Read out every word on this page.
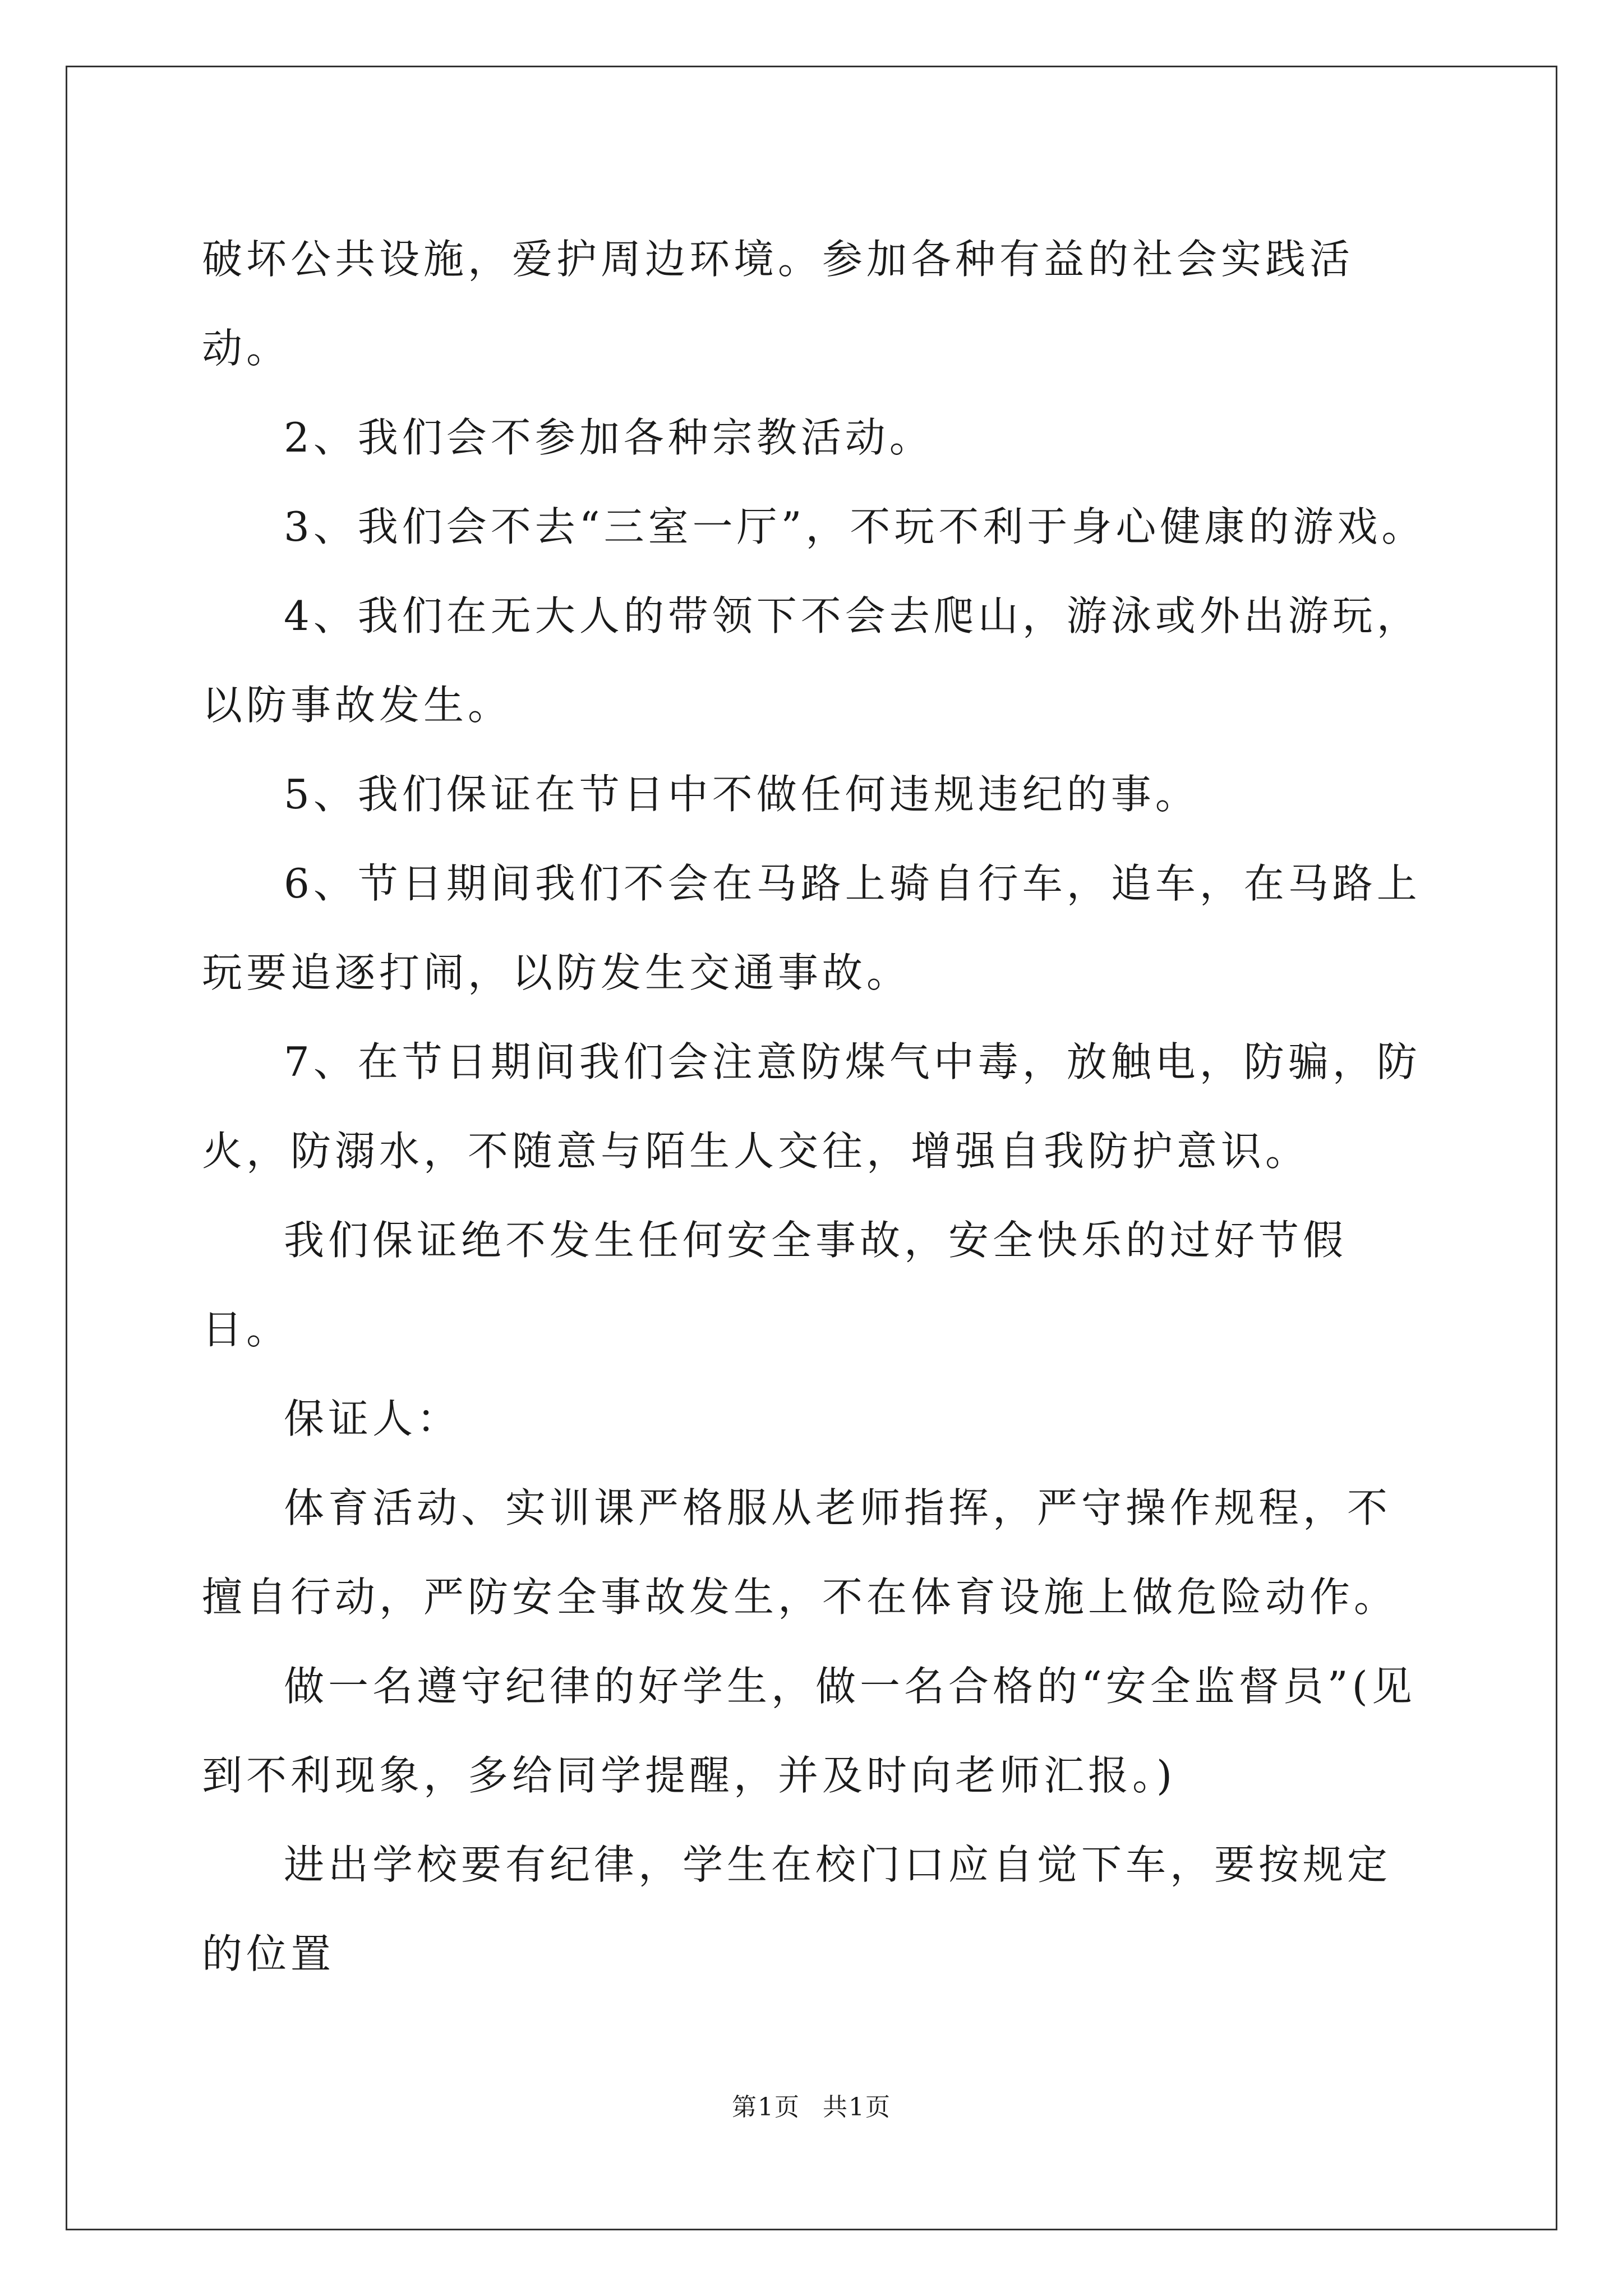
破坏公共设施，爱护周边环境。参加各种有益的社会实践活动。

2、我们会不参加各种宗教活动。

3、我们会不去“三室一厅”，不玩不利于身心健康的游戏。

4、我们在无大人的带领下不会去爬山，游泳或外出游玩，以防事故发生。

5、我们保证在节日中不做任何违规违纪的事。

6、节日期间我们不会在马路上骑自行车，追车，在马路上玩要追逐打闹，以防发生交通事故。

7、在节日期间我们会注意防煤气中毒，放触电，防骗，防火，防溺水，不随意与陌生人交往，增强自我防护意识。

我们保证绝不发生任何安全事故，安全快乐的过好节假日。

保证人：

体育活动、实训课严格服从老师指挥，严守操作规程，不擅自行动，严防安全事故发生，不在体育设施上做危险动作。

做一名遵守纪律的好学生，做一名合格的“安全监督员”(见到不利现象，多给同学提醒，并及时向老师汇报。)

进出学校要有纪律，学生在校门口应自觉下车，要按规定的位置

第1页 共1页
